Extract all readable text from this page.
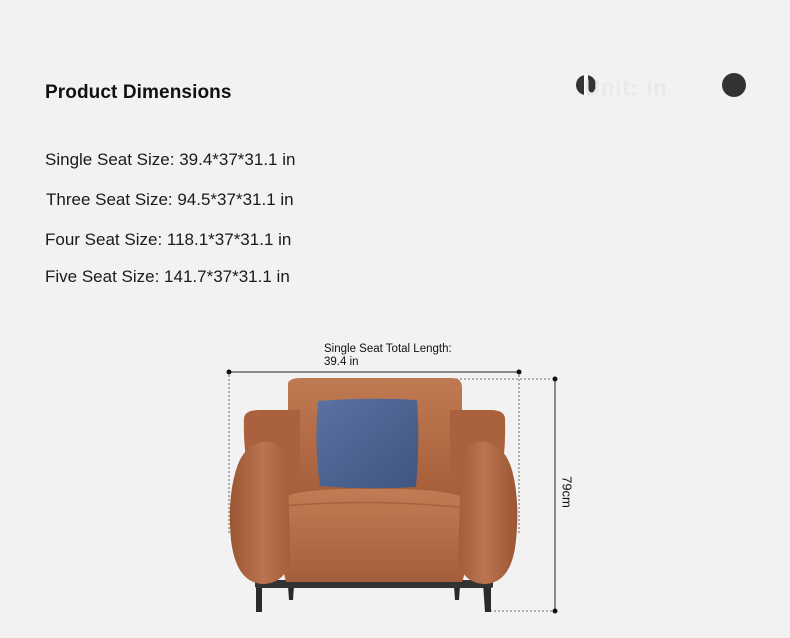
Product Dimensions	Unit: in
Single Seat Size: 39.4*37*31.1 in
Three Seat Size: 94.5*37*31.1 in
Four Seat Size: 118.1*37*31.1 in
Five Seat Size: 141.7*37*31.1 in
Single Seat Total Length:
39.4 in
79cm
